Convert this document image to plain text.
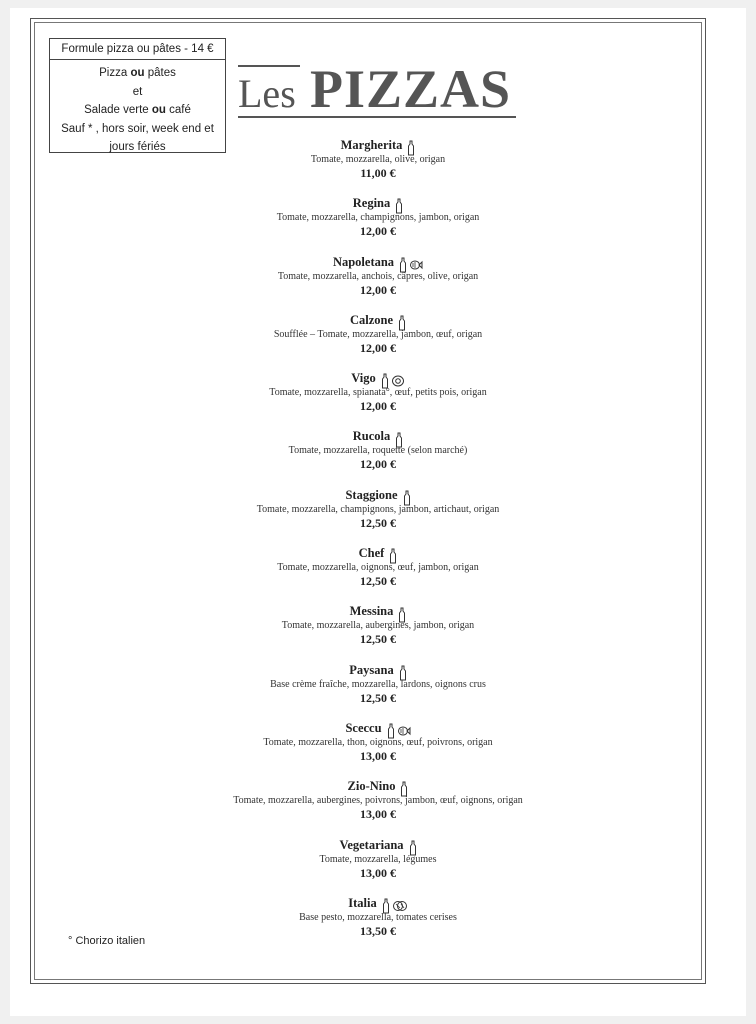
Formule pizza ou pâtes - 14 €
Pizza ou pâtes
et
Salade verte ou café
Sauf * , hors soir, week end et
jours fériés
Les PIZZAS
Margherita
Tomate, mozzarella, olive, origan
11,00 €
Regina
Tomate, mozzarella, champignons, jambon, origan
12,00 €
Napoletana
Tomate, mozzarella, anchois, câpres, olive, origan
12,00 €
Calzone
Soufflée – Tomate, mozzarella, jambon, œuf, origan
12,00 €
Vigo
Tomate, mozzarella, spianata°, œuf, petits pois, origan
12,00 €
Rucola
Tomate, mozzarella, roquette (selon marché)
12,00 €
Staggione
Tomate, mozzarella, champignons, jambon, artichaut, origan
12,50 €
Chef
Tomate, mozzarella, oignons, œuf, jambon, origan
12,50 €
Messina
Tomate, mozzarella, aubergines, jambon, origan
12,50 €
Paysana
Base crème fraîche, mozzarella, lardons, oignons crus
12,50 €
Sceccu
Tomate, mozzarella, thon, oignons, œuf, poivrons, origan
13,00 €
Zio-Nino
Tomate, mozzarella, aubergines, poivrons, jambon, œuf, oignons, origan
13,00 €
Vegetariana
Tomate, mozzarella, légumes
13,00 €
Italia
Base pesto, mozzarella, tomates cerises
13,50 €
° Chorizo italien
